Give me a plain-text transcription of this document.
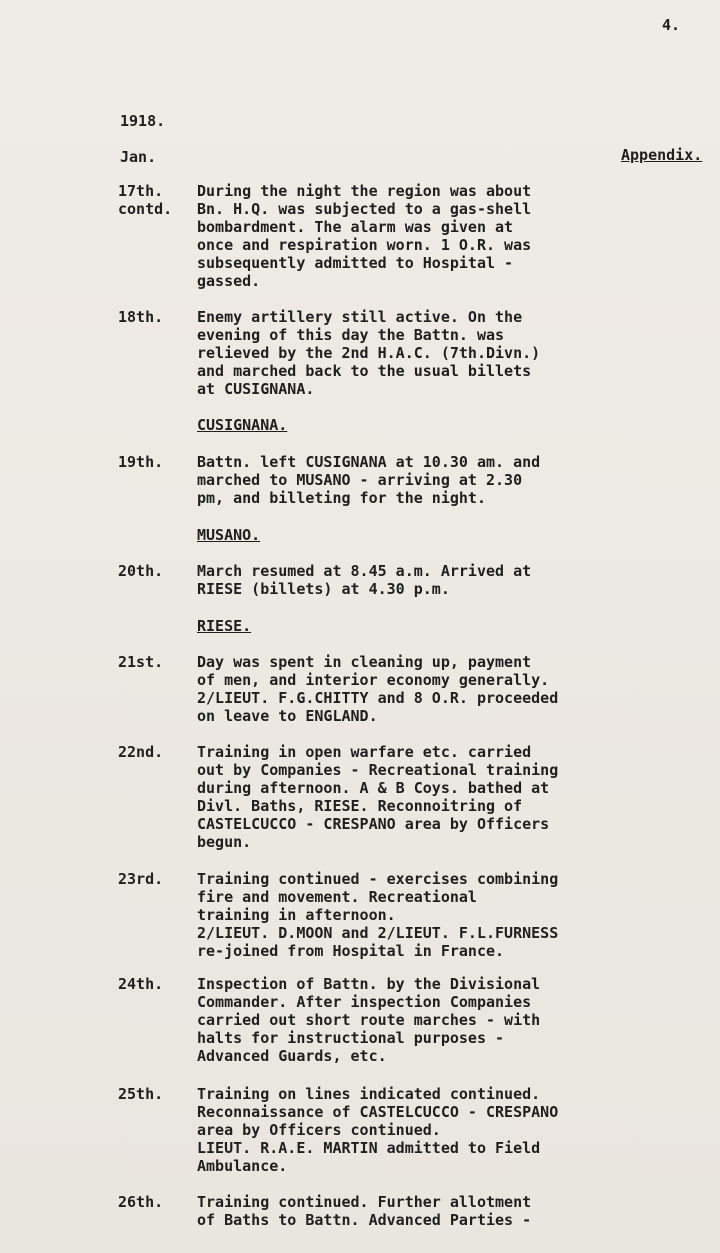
4.
1918.
Jan.	Appendix.
17th.
contd.
During the night the region was about
Bn. H.Q. was subjected to a gas-shell
bombardment. The alarm was given at
once and respiration worn. 1 O.R. was
subsequently admitted to Hospital -
gassed.
18th. Enemy artillery still active. On the
evening of this day the Battn. was
relieved by the 2nd H.A.C. (7th.Divn.)
and marched back to the usual billets
at CUSIGNANA.
19th. Battn. left CUSIGNANA at 10.30 am. and
marched to MUSANO - arriving at 2.30
pm, and billeting for the night.
20th. March resumed at 8.45 a.m. Arrived at
RIESE (billets) at 4.30 p.m.
21st. Day was spent in cleaning up, payment
of men, and interior economy generally.
2/LIEUT. F.G.CHITTY and 8 O.R. proceeded
on leave to ENGLAND.
22nd. Training in open warfare etc. carried
out by Companies - Recreational training
during afternoon. A & B Coys. bathed at
Divl. Baths, RIESE. Reconnoitring of
CASTELCUCCO - CRESPANO area by Officers
begun.
23rd. Training continued - exercises combining
fire and movement. Recreational
training in afternoon.
2/LIEUT. D.MOON and 2/LIEUT. F.L.FURNESS
re-joined from Hospital in France.
24th. Inspection of Battn. by the Divisional
Commander. After inspection Companies
carried out short route marches - with
halts for instructional purposes -
Advanced Guards, etc.
25th. Training on lines indicated continued.
Reconnaissance of CASTELCUCCO - CRESPANO
area by Officers continued.
LIEUT. R.A.E. MARTIN admitted to Field
Ambulance.
26th. Training continued. Further allotment
of Baths to Battn. Advanced Parties -
CUSIGNANA.
MUSANO.
RIESE.
